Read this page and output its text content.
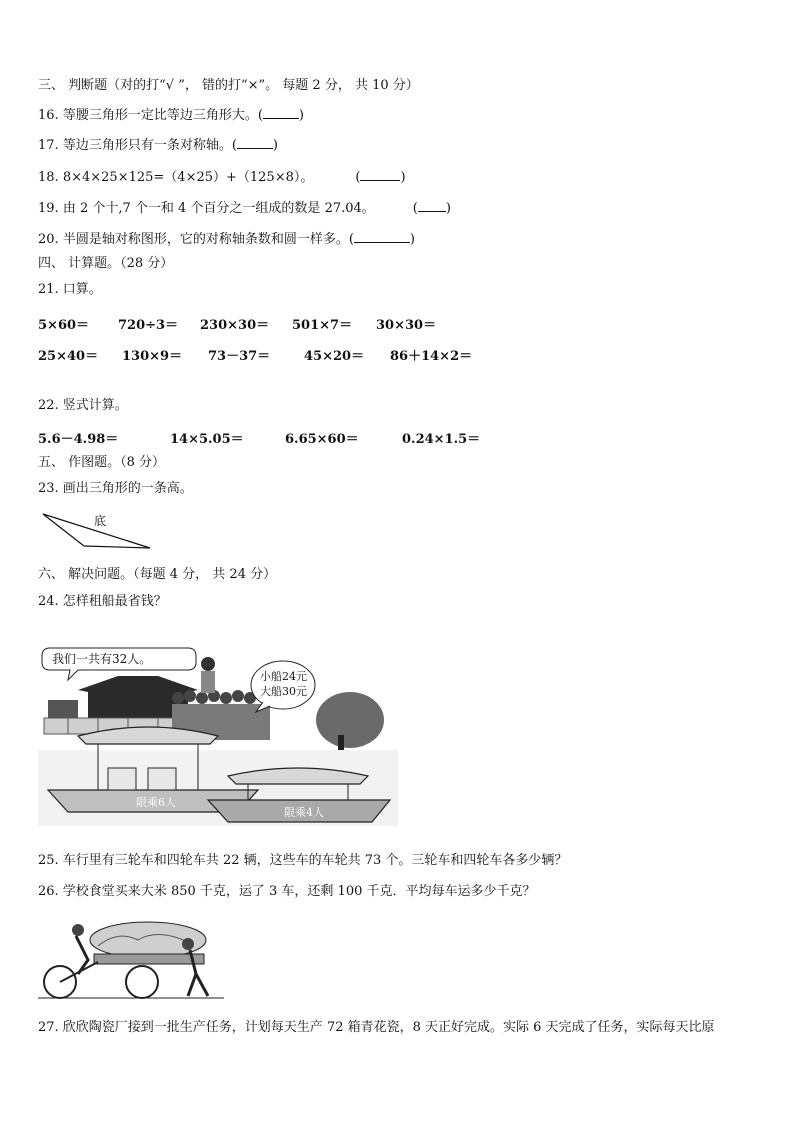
三、 判断题（对的打“√ ”， 错的打“×”。 每题 2 分， 共 10 分）
16. 等腰三角形一定比等边三角形大。(	)
17. 等边三角形只有一条对称轴。(	)
18. 8×4×25×125=（4×25）+（125×8）。	(	)
19. 由 2 个十,7 个一和 4 个百分之一组成的数是 27.04。	( )
20. 半圆是轴对称图形，它的对称轴条数和圆一样多。(	)
四、 计算题。（28 分）
21. 口算。
5×60＝ 720÷3＝ 230×30＝ 501×7＝ 30×30＝
25×40＝ 130×9＝ 73－37＝	45×20＝ 86＋14×2＝
22. 竖式计算。
5.6－4.98＝	14×5.05＝	6.65×60＝	0.24×1.5＝
五、 作图题。（8 分）
23. 画出三角形的一条高。
底
六、 解决问题。（每题 4 分， 共 24 分）
24. 怎样租船最省钱？
我们一共有32人。
小船24元
大船30元
限乘6人
限乘4人
25. 车行里有三轮车和四轮车共 22 辆，这些车的车轮共 73 个。三轮车和四轮车各多少辆？
26. 学校食堂买来大米 850 千克，运了 3 车，还剩 100 千克．平均每车运多少千克？
27. 欣欣陶瓷厂接到一批生产任务，计划每天生产 72 箱青花瓷，8 天正好完成。实际 6 天完成了任务，实际每天比原
